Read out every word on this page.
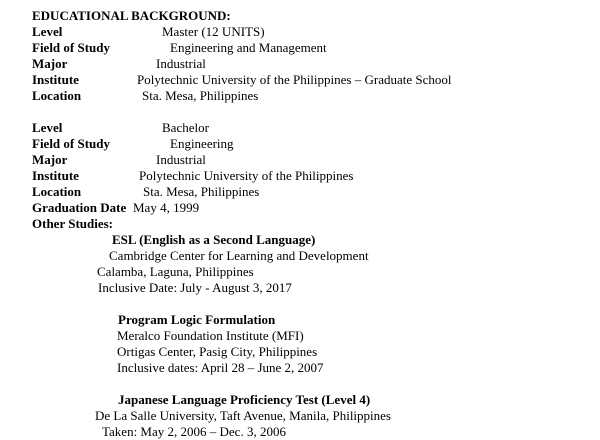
EDUCATIONAL BACKGROUND:
Level	Master (12 UNITS)
Field of Study	Engineering and Management
Major	Industrial
Institute	Polytechnic University of the Philippines – Graduate School
Location	Sta. Mesa, Philippines
Level	Bachelor
Field of Study	Engineering
Major	Industrial
Institute	Polytechnic University of the Philippines
Location	Sta. Mesa, Philippines
Graduation Date May 4, 1999
Other Studies:
ESL (English as a Second Language)
Cambridge Center for Learning and Development
Calamba, Laguna, Philippines
Inclusive Date: July - August 3, 2017
Program Logic Formulation
Meralco Foundation Institute (MFI)
Ortigas Center, Pasig City, Philippines
Inclusive dates: April 28 – June 2, 2007
Japanese Language Proficiency Test (Level 4)
De La Salle University, Taft Avenue, Manila, Philippines
Taken: May 2, 2006 – Dec. 3, 2006
